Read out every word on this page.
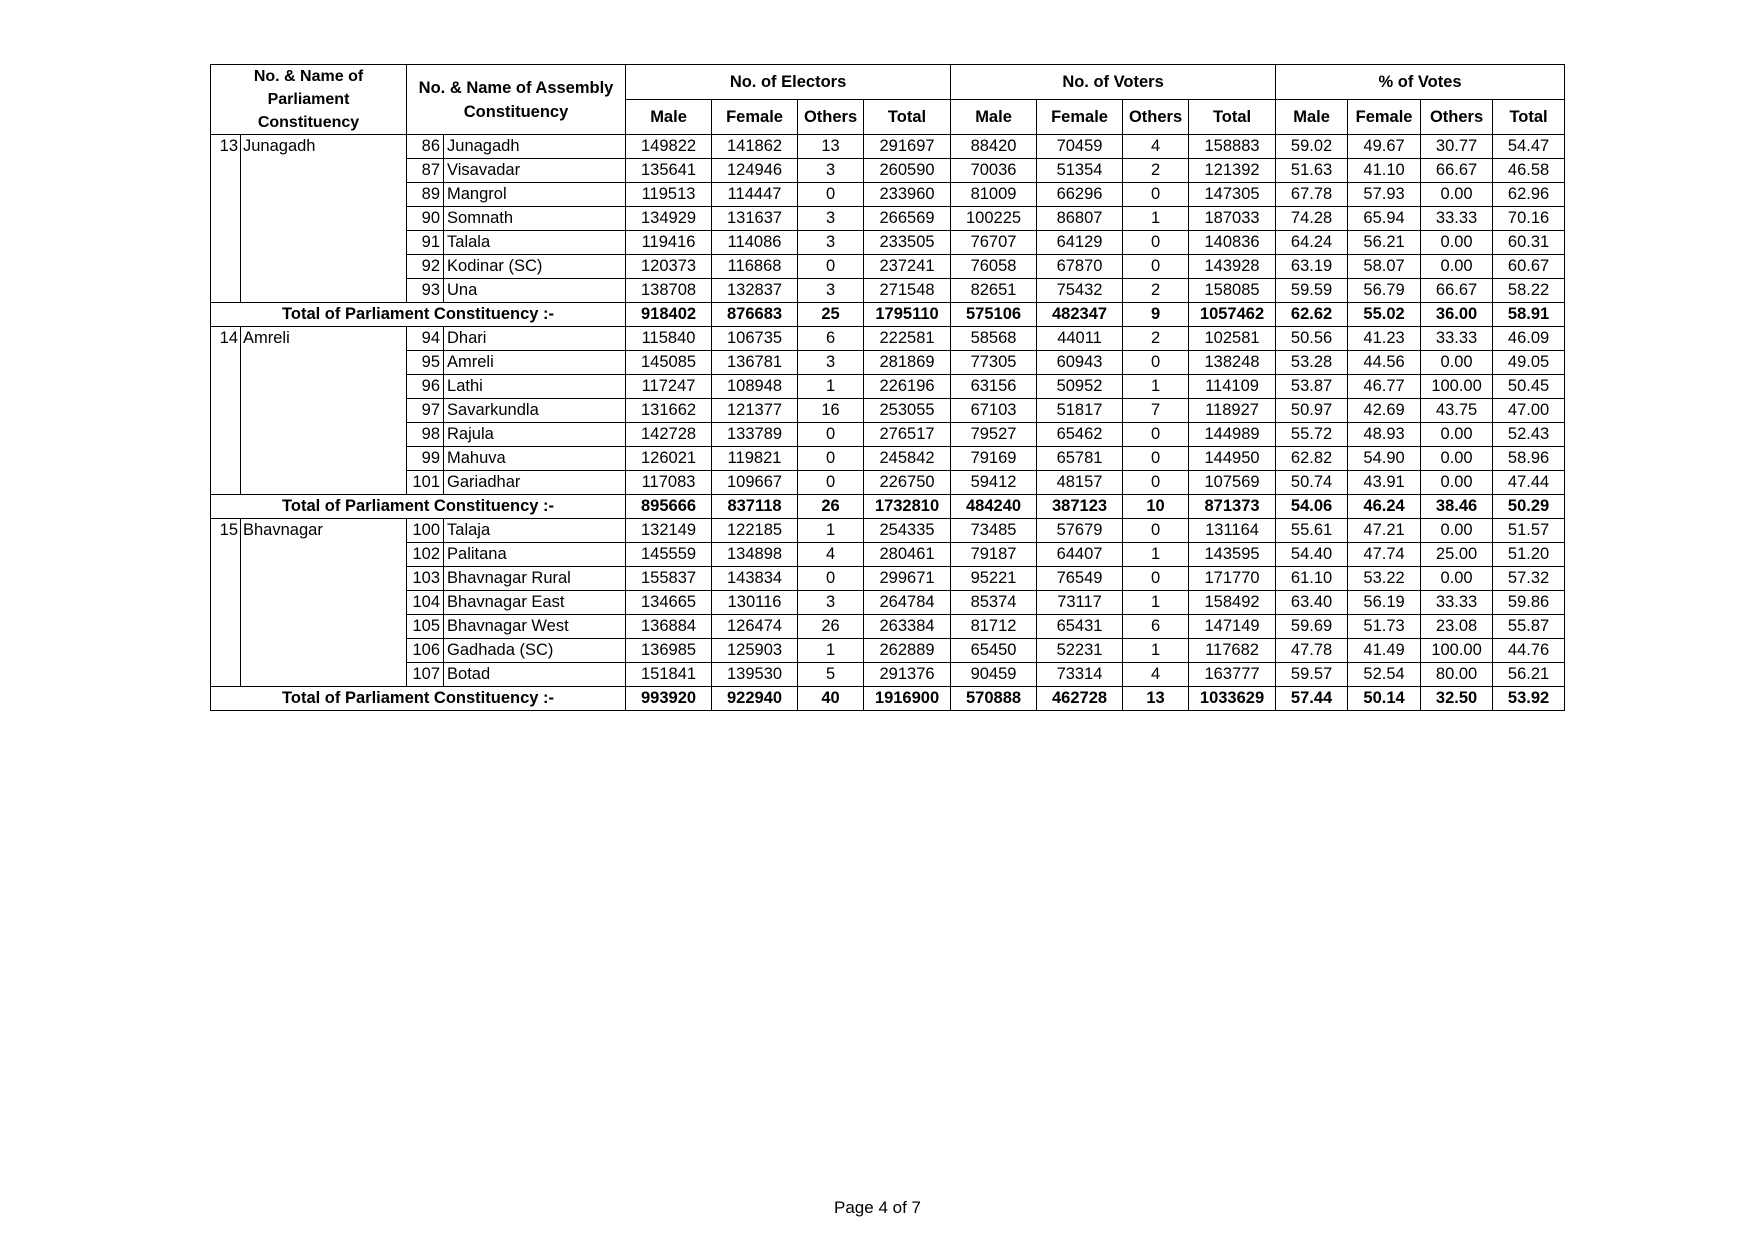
No. & Name of Parliament Constituency		No. & Name of Assembly Constituency		No. of Electors				No. of Voters				% of Votes			
				Male	Female	Others	Total	Male	Female	Others	Total	Male	Female	Others	Total
13	Junagadh	86	Junagadh	149822	141862	13	291697	88420	70459	4	158883	59.02	49.67	30.77	54.47
		87	Visavadar	135641	124946	3	260590	70036	51354	2	121392	51.63	41.10	66.67	46.58
		89	Mangrol	119513	114447	0	233960	81009	66296	0	147305	67.78	57.93	0.00	62.96
		90	Somnath	134929	131637	3	266569	100225	86807	1	187033	74.28	65.94	33.33	70.16
		91	Talala	119416	114086	3	233505	76707	64129	0	140836	64.24	56.21	0.00	60.31
		92	Kodinar (SC)	120373	116868	0	237241	76058	67870	0	143928	63.19	58.07	0.00	60.67
		93	Una	138708	132837	3	271548	82651	75432	2	158085	59.59	56.79	66.67	58.22
Total of Parliament Constituency :-				918402	876683	25	1795110	575106	482347	9	1057462	62.62	55.02	36.00	58.91
14	Amreli	94	Dhari	115840	106735	6	222581	58568	44011	2	102581	50.56	41.23	33.33	46.09
		95	Amreli	145085	136781	3	281869	77305	60943	0	138248	53.28	44.56	0.00	49.05
		96	Lathi	117247	108948	1	226196	63156	50952	1	114109	53.87	46.77	100.00	50.45
		97	Savarkundla	131662	121377	16	253055	67103	51817	7	118927	50.97	42.69	43.75	47.00
		98	Rajula	142728	133789	0	276517	79527	65462	0	144989	55.72	48.93	0.00	52.43
		99	Mahuva	126021	119821	0	245842	79169	65781	0	144950	62.82	54.90	0.00	58.96
		101	Gariadhar	117083	109667	0	226750	59412	48157	0	107569	50.74	43.91	0.00	47.44
Total of Parliament Constituency :-				895666	837118	26	1732810	484240	387123	10	871373	54.06	46.24	38.46	50.29
15	Bhavnagar	100	Talaja	132149	122185	1	254335	73485	57679	0	131164	55.61	47.21	0.00	51.57
		102	Palitana	145559	134898	4	280461	79187	64407	1	143595	54.40	47.74	25.00	51.20
		103	Bhavnagar Rural	155837	143834	0	299671	95221	76549	0	171770	61.10	53.22	0.00	57.32
		104	Bhavnagar East	134665	130116	3	264784	85374	73117	1	158492	63.40	56.19	33.33	59.86
		105	Bhavnagar West	136884	126474	26	263384	81712	65431	6	147149	59.69	51.73	23.08	55.87
		106	Gadhada (SC)	136985	125903	1	262889	65450	52231	1	117682	47.78	41.49	100.00	44.76
		107	Botad	151841	139530	5	291376	90459	73314	4	163777	59.57	52.54	80.00	56.21
Total of Parliament Constituency :-				993920	922940	40	1916900	570888	462728	13	1033629	57.44	50.14	32.50	53.92
Page 4 of 7
